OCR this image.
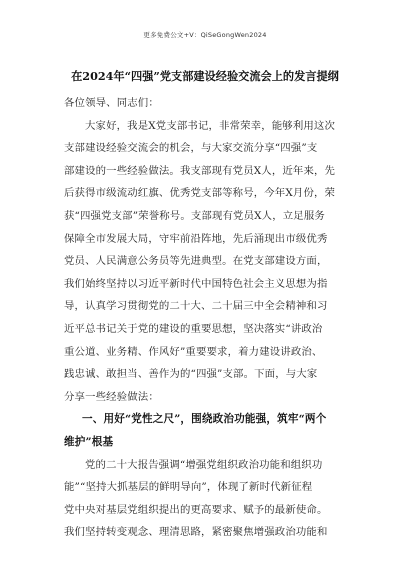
更多免费公文+V：QiSeGongWen2024
在2024年“四强”党支部建设经验交流会上的发言提纲
各位领导、同志们：
大家好，我是X党支部书记，非常荣幸，能够利用这次
支部建设经验交流会的机会，与大家交流分享“四强”支
部建设的一些经验做法。我支部现有党员X人，近年来，先
后获得市级流动红旗、优秀党支部等称号，今年X月份，荣
获“四强党支部”荣誉称号。支部现有党员X人，立足服务
保障全市发展大局，守牢前沿阵地，先后涌现出市级优秀
党员、人民满意公务员等先进典型。在党支部建设方面，
我们始终坚持以习近平新时代中国特色社会主义思想为指
导，认真学习贯彻党的二十大、二十届三中全会精神和习
近平总书记关于党的建设的重要思想，坚决落实“讲政治
重公道、业务精、作风好”重要要求，着力建设讲政治、
践忠诚、敢担当、善作为的“四强”支部。下面，与大家
分享一些经验做法：
一、用好“党性之尺”，围绕政治功能强，筑牢“两个
维护”根基
党的二十大报告强调“增强党组织政治功能和组织功
能”“坚持大抓基层的鲜明导向”，体现了新时代新征程
党中央对基层党组织提出的更高要求、赋予的最新使命。
我们坚持转变观念、理清思路，紧密聚焦增强政治功能和
